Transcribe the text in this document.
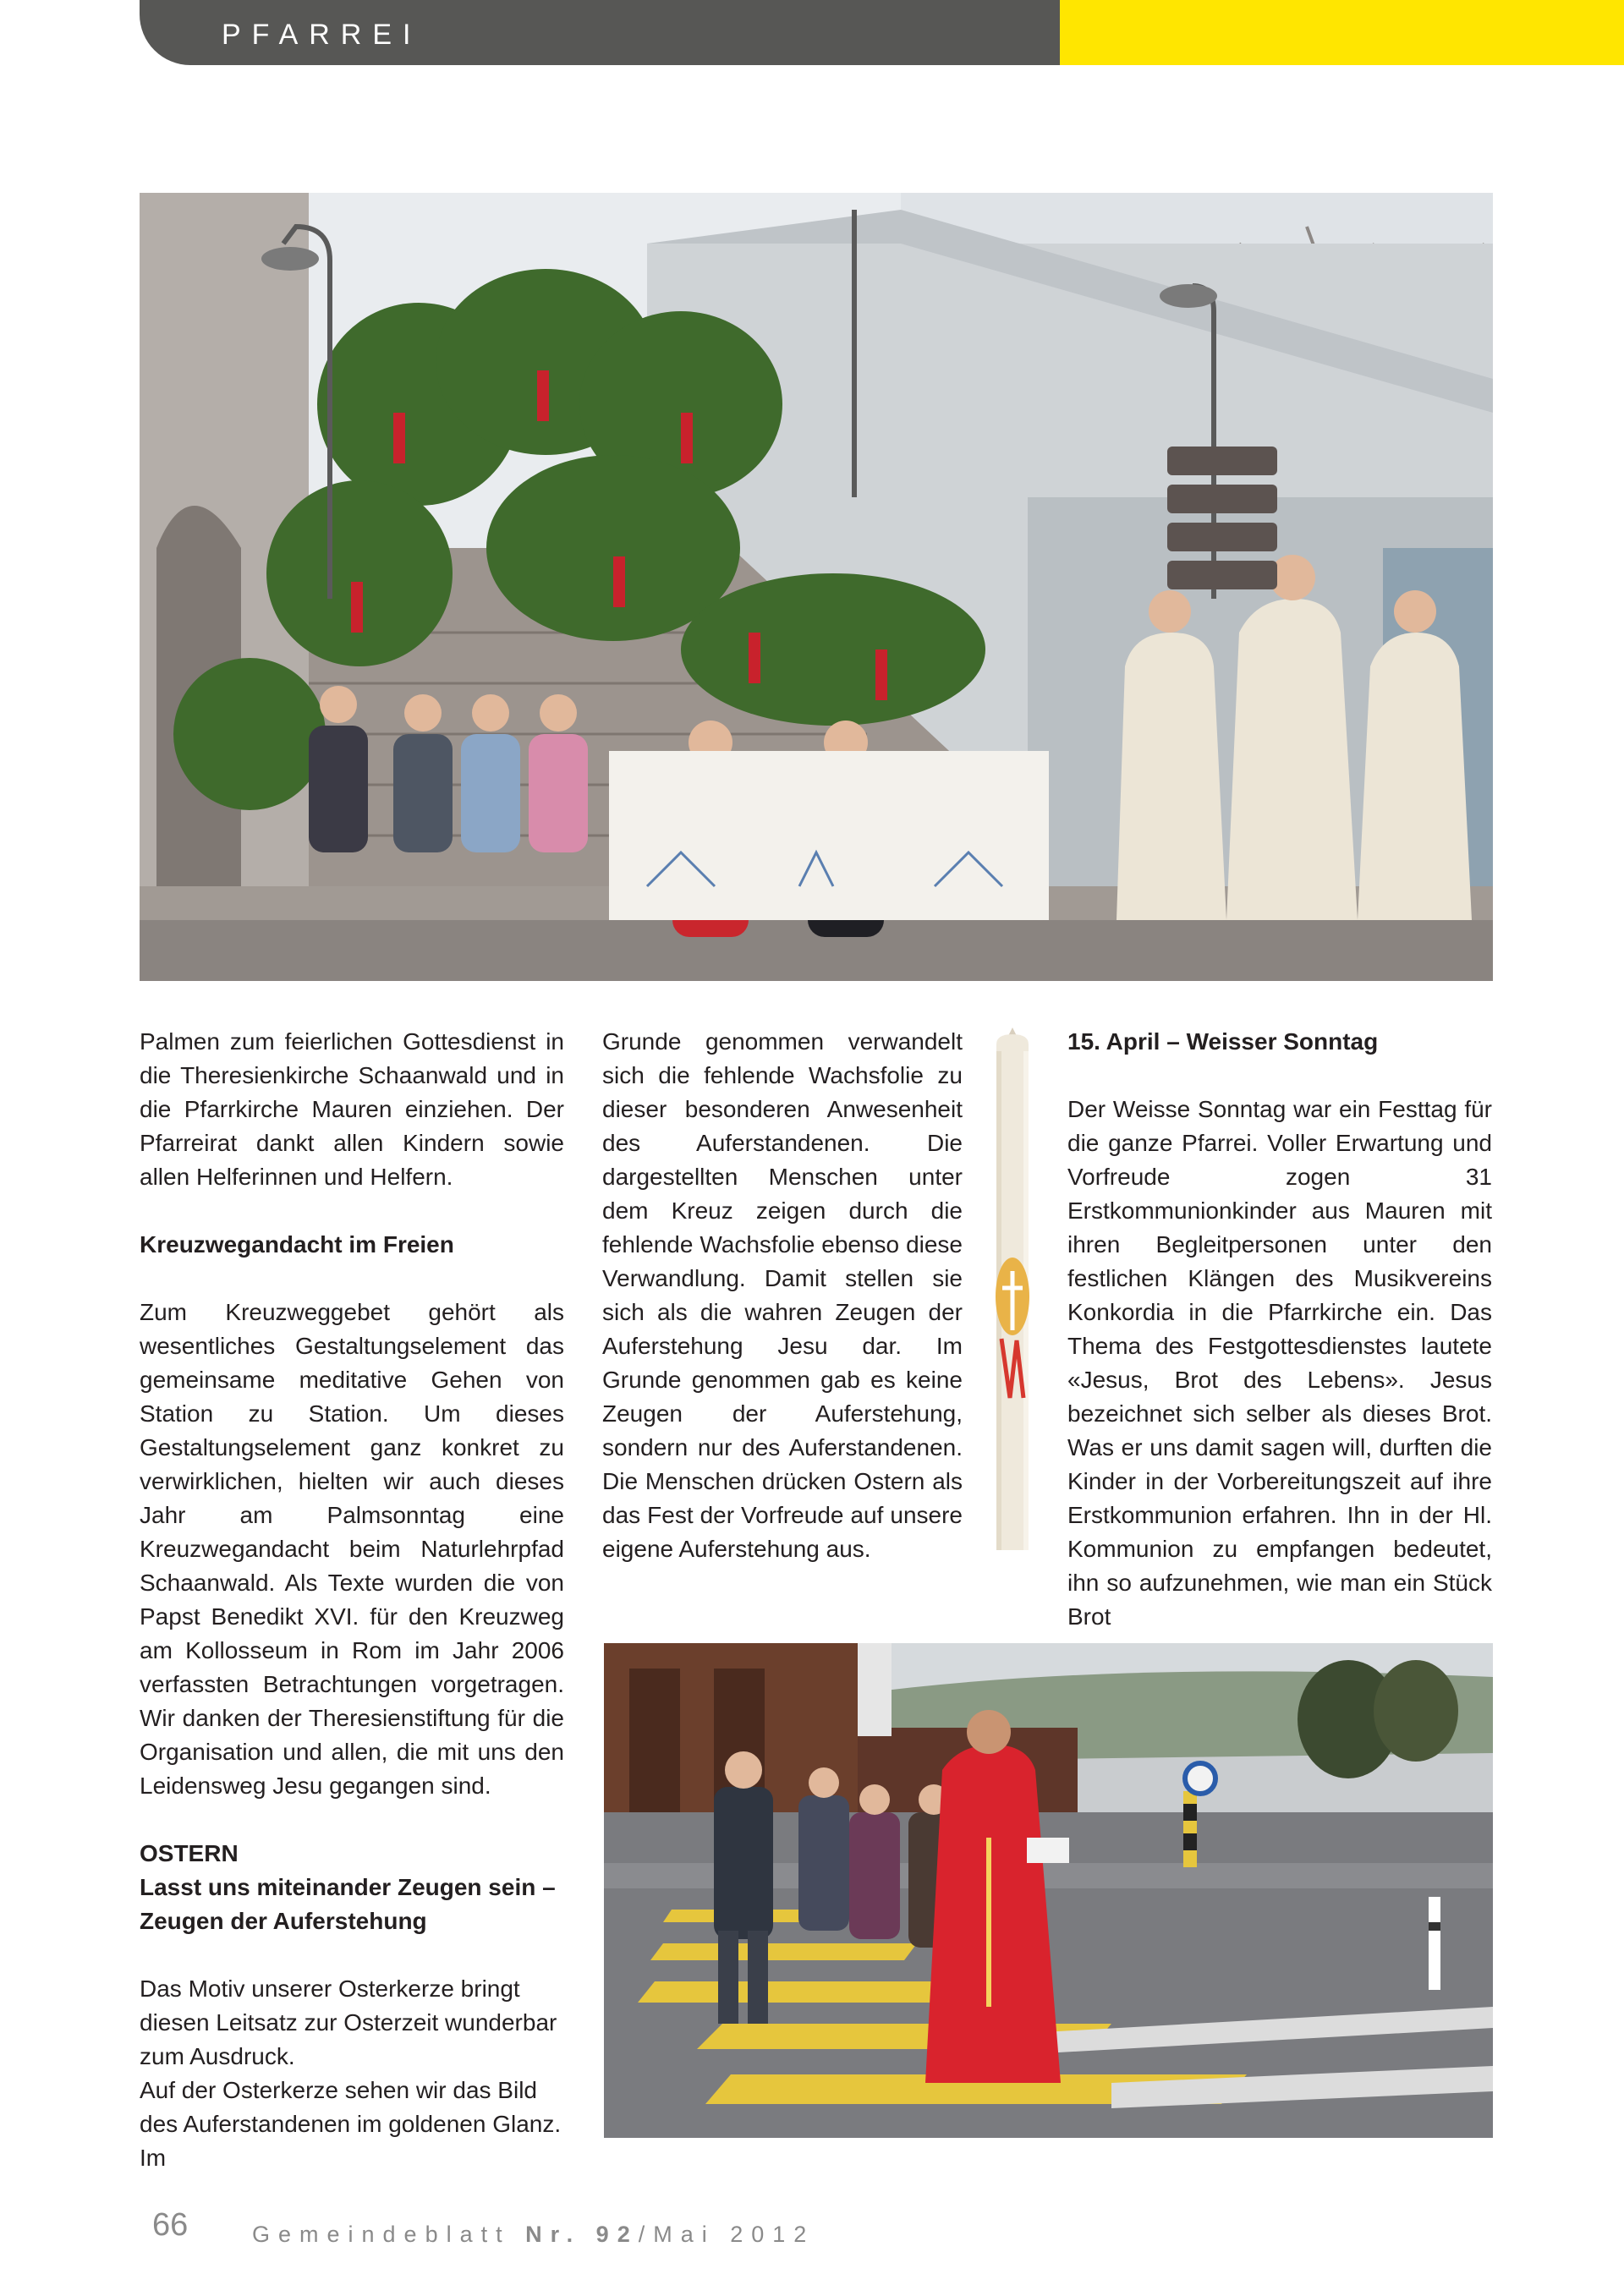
PFARREI

Palmen zum feierlichen Gottesdienst in die Theresienkirche Schaanwald und in die Pfarrkirche Mauren einziehen. Der Pfarreirat dankt allen Kindern sowie allen Helferinnen und Helfern.

Kreuzwegandacht im Freien

Zum Kreuzweggebet gehört als wesentliches Gestaltungselement das gemeinsame meditative Gehen von Station zu Station. Um dieses Gestaltungselement ganz konkret zu verwirklichen, hielten wir auch dieses Jahr am Palmsonntag eine Kreuzwegandacht beim Naturlehrpfad Schaanwald. Als Texte wurden die von Papst Benedikt XVI. für den Kreuzweg am Kollosseum in Rom im Jahr 2006 verfassten Betrachtungen vorgetragen. Wir danken der Theresienstiftung für die Organisation und allen, die mit uns den Leidensweg Jesu gegangen sind.

OSTERN

Lasst uns miteinander Zeugen sein – Zeugen der Auferstehung

Das Motiv unserer Osterkerze bringt diesen Leitsatz zur Osterzeit wunderbar zum Ausdruck.

Auf der Osterkerze sehen wir das Bild des Auferstandenen im goldenen Glanz. Im

Grunde genommen verwandelt sich die fehlende Wachsfolie zu dieser besonderen Anwesenheit des Auferstandenen. Die dargestellten Menschen unter dem Kreuz zeigen durch die fehlende Wachsfolie ebenso diese Verwandlung. Damit stellen sie sich als die wahren Zeugen der Auferstehung Jesu dar. Im Grunde genommen gab es keine Zeugen der Auferstehung, sondern nur des Auferstandenen. Die Menschen drücken Ostern als das Fest der Vorfreude auf unsere eigene Auferstehung aus.

15. April – Weisser Sonntag

Der Weisse Sonntag war ein Festtag für die ganze Pfarrei. Voller Erwartung und Vorfreude zogen 31 Erstkommunionkinder aus Mauren mit ihren Begleitpersonen unter den festlichen Klängen des Musikvereins Konkordia in die Pfarrkirche ein. Das Thema des Festgottesdienstes lautete «Jesus, Brot des Lebens». Jesus bezeichnet sich selber als dieses Brot. Was er uns damit sagen will, durften die Kinder in der Vorbereitungszeit auf ihre Erstkommunion erfahren. Ihn in der Hl. Kommunion zu empfangen bedeutet, ihn so aufzunehmen, wie man ein Stück Brot

66	Gemeindeblatt Nr. 92/Mai 2012
